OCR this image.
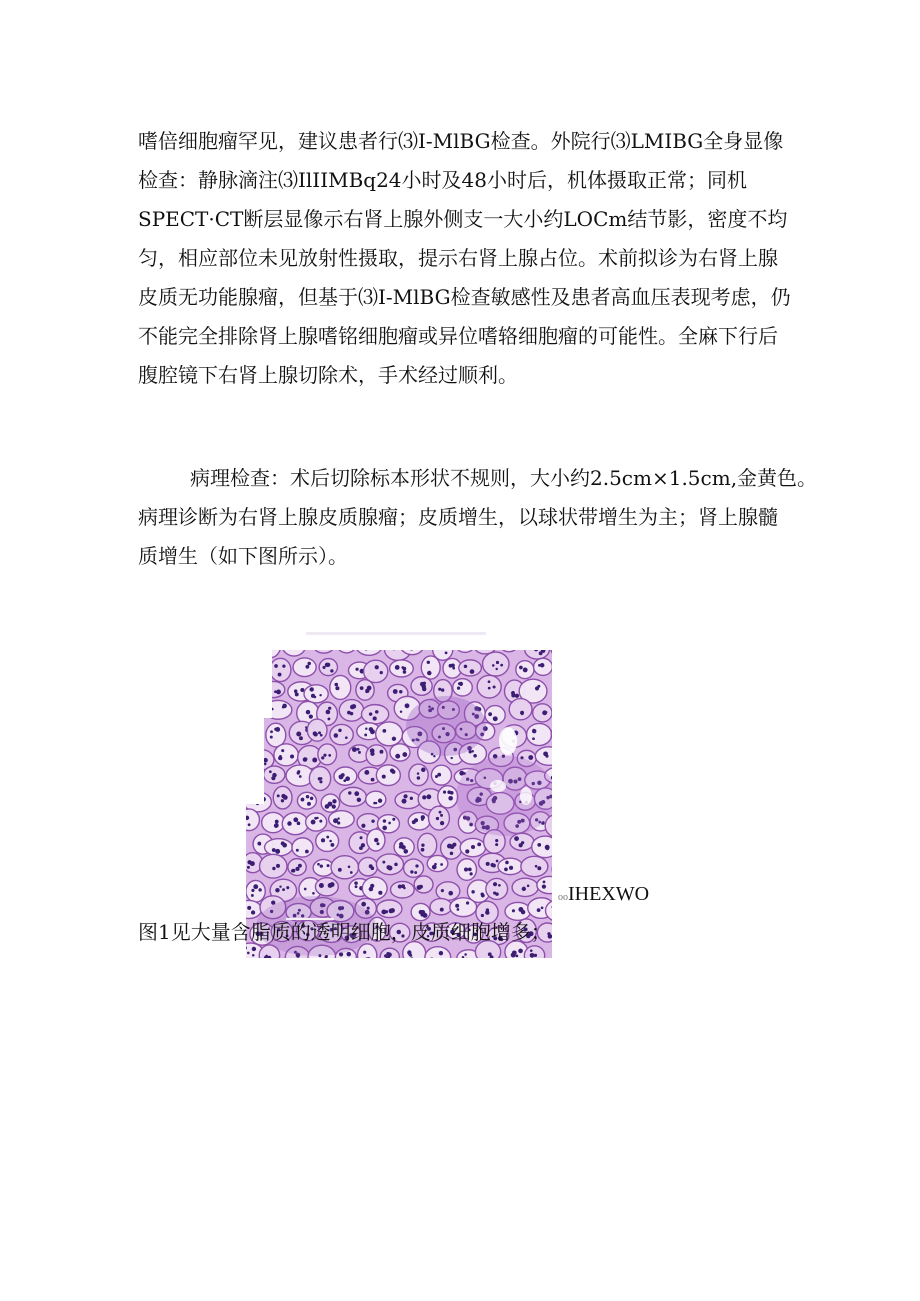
嗜倍细胞瘤罕见，建议患者行⑶I-MlBG检查。外院行⑶LMIBG全身显像
检查：静脉滴注⑶IlIIMBq24小时及48小时后，机体摄取正常；同机
SPECT·CT断层显像示右肾上腺外侧支一大小约LOCm结节影，密度不均
匀，相应部位未见放射性摄取，提示右肾上腺占位。术前拟诊为右肾上腺
皮质无功能腺瘤，但基于⑶I-MlBG检查敏感性及患者高血压表现考虑，仍
不能完全排除肾上腺嗜铭细胞瘤或异位嗜辂细胞瘤的可能性。全麻下行后
腹腔镜下右肾上腺切除术，手术经过顺利。
病理检查：术后切除标本形状不规则，大小约2.5cm×1.5cm,金黄色。
病理诊断为右肾上腺皮质腺瘤；皮质增生，以球状带增生为主；肾上腺髓
质增生（如下图所示）。
ooIHEXWO
图1见大量含脂质的透明细胞，皮质细胞增多；
